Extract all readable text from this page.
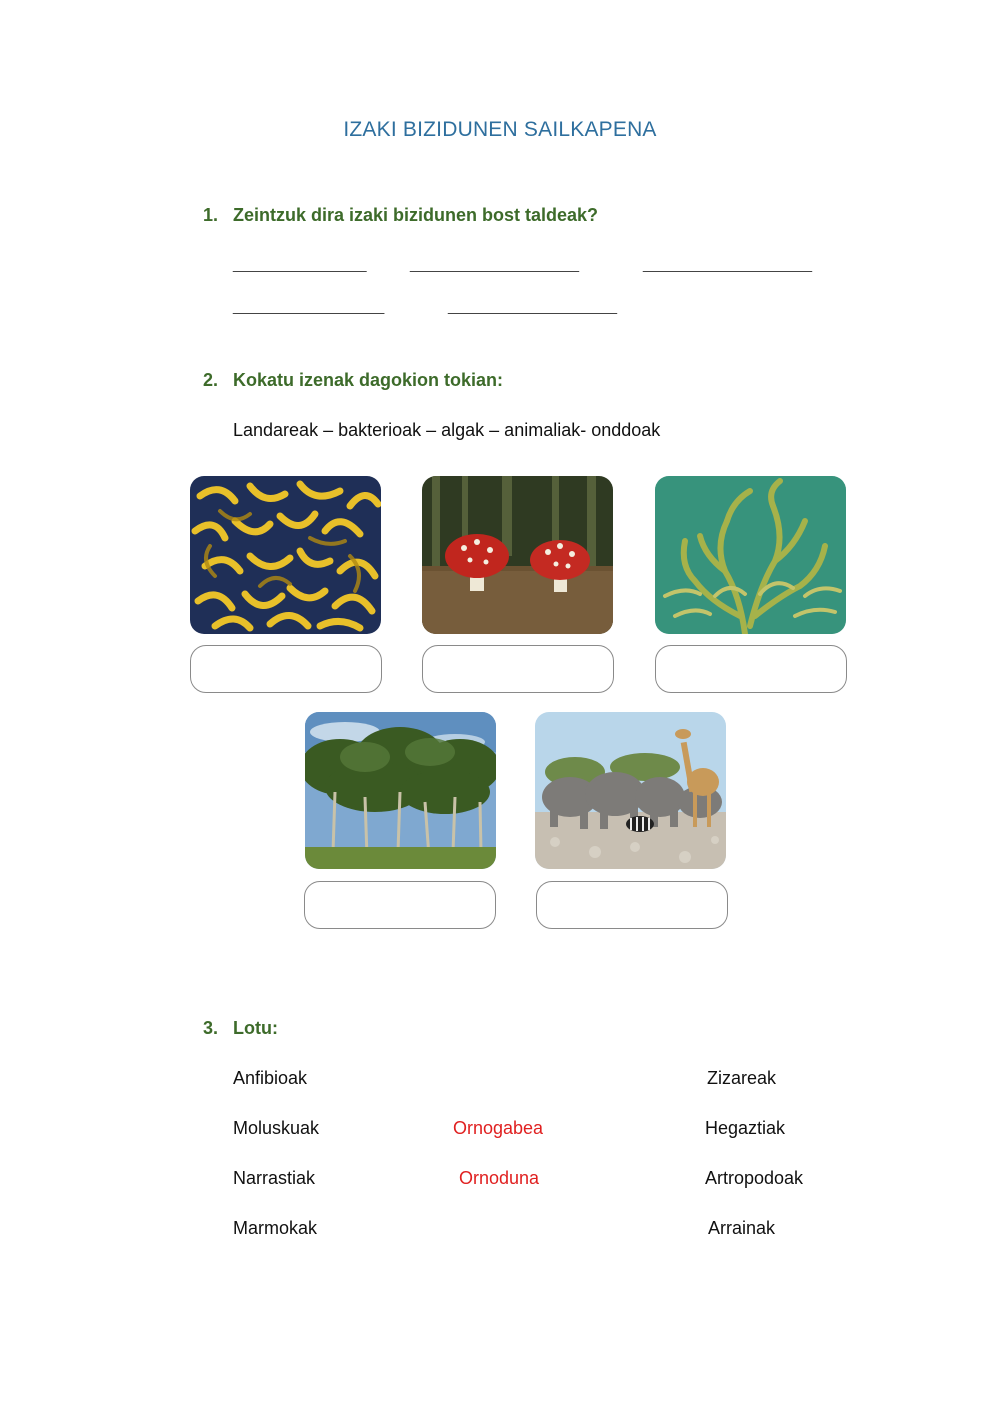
IZAKI BIZIDUNEN SAILKAPENA
1. Zeintzuk dira izaki bizidunen bost taldeak?
_______________	___________________	___________________
_________________	___________________
2. Kokatu izenak dagokion tokian:
Landareak – bakterioak – algak – animaliak- onddoak
3. Lotu:
Anfibioak
Moluskuak
Narrastiak
Marmokak
Ornogabea
Ornoduna
Zizareak
Hegaztiak
Artropodoak
Arrainak
